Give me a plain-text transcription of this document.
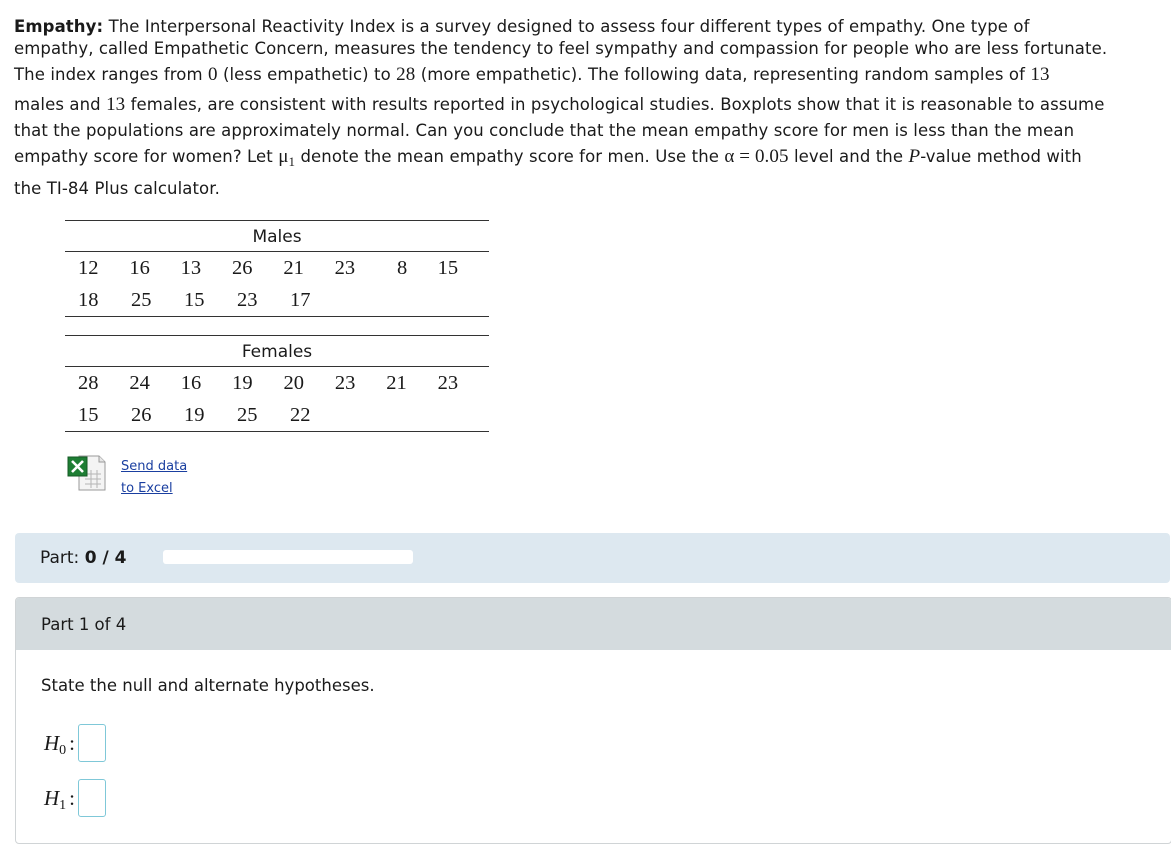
Empathy: The Interpersonal Reactivity Index is a survey designed to assess four different types of empathy. One type of
empathy, called Empathetic Concern, measures the tendency to feel sympathy and compassion for people who are less fortunate.
The index ranges from 0 (less empathetic) to 28 (more empathetic). The following data, representing random samples of 13
males and 13 females, are consistent with results reported in psychological studies. Boxplots show that it is reasonable to assume
that the populations are approximately normal. Can you conclude that the mean empathy score for men is less than the mean
empathy score for women? Let $\mu_1$ denote the mean empathy score for men. Use the α = 0.05 level and the P-value method with
the TI-84 Plus calculator.
Males
12	16	13	26	21	23	8	15
18	25	15	23	17
Females
28	24	16	19	20	23	21	23
15	26	19	25	22
Send data
to Excel
Part: 0 / 4
Part 1 of 4
State the null and alternate hypotheses.
$H_0$ :
$H_1$ :
